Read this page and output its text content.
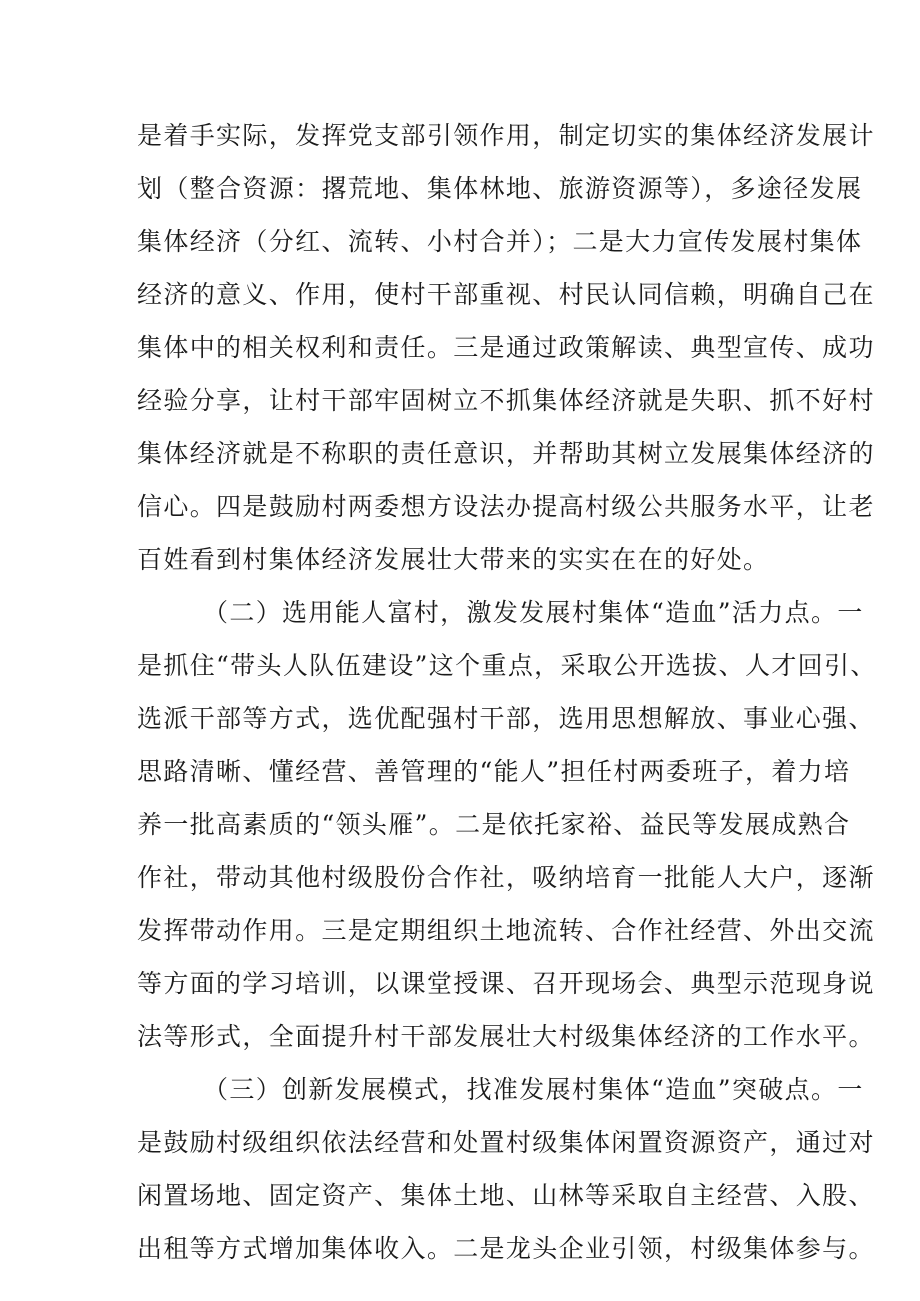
是着手实际，发挥党支部引领作用，制定切实的集体经济发展计
划（整合资源：撂荒地、集体林地、旅游资源等），多途径发展
集体经济（分红、流转、小村合并）；二是大力宣传发展村集体
经济的意义、作用，使村干部重视、村民认同信赖，明确自己在
集体中的相关权利和责任。三是通过政策解读、典型宣传、成功
经验分享，让村干部牢固树立不抓集体经济就是失职、抓不好村
集体经济就是不称职的责任意识，并帮助其树立发展集体经济的
信心。四是鼓励村两委想方设法办提高村级公共服务水平，让老
百姓看到村集体经济发展壮大带来的实实在在的好处。
（二）选用能人富村，激发发展村集体“造血”活力点。一
是抓住“带头人队伍建设”这个重点，采取公开选拔、人才回引、
选派干部等方式，选优配强村干部，选用思想解放、事业心强、
思路清晰、懂经营、善管理的“能人”担任村两委班子，着力培
养一批高素质的“领头雁”。二是依托家裕、益民等发展成熟合
作社，带动其他村级股份合作社，吸纳培育一批能人大户，逐渐
发挥带动作用。三是定期组织土地流转、合作社经营、外出交流
等方面的学习培训，以课堂授课、召开现场会、典型示范现身说
法等形式，全面提升村干部发展壮大村级集体经济的工作水平。
（三）创新发展模式，找准发展村集体“造血”突破点。一
是鼓励村级组织依法经营和处置村级集体闲置资源资产，通过对
闲置场地、固定资产、集体土地、山林等采取自主经营、入股、
出租等方式增加集体收入。二是龙头企业引领，村级集体参与。
